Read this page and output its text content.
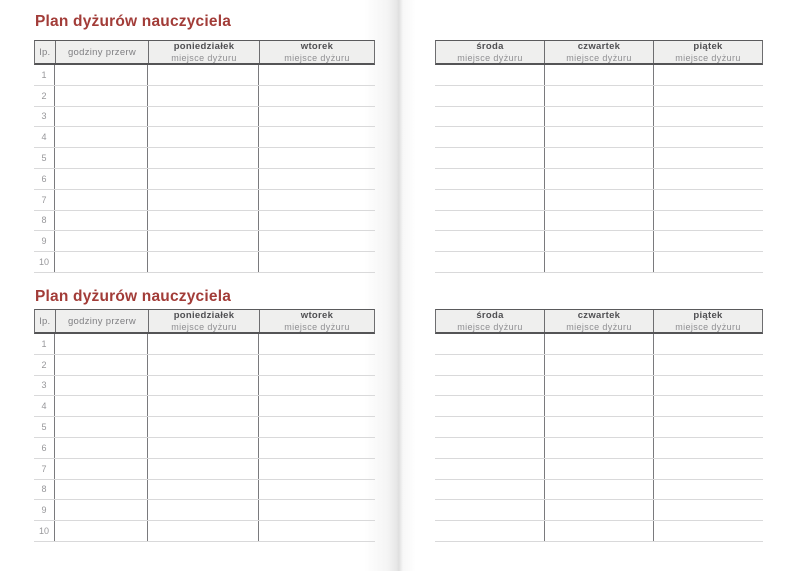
Plan dyżurów nauczyciela
lp.	godziny przerw
poniedziałek
miejsce dyżuru
wtorek
miejsce dyżuru
1
2
3
4
5
6
7
8
9
10
środa
miejsce dyżuru
czwartek
miejsce dyżuru
piątek
miejsce dyżuru
Plan dyżurów nauczyciela
lp.	godziny przerw
poniedziałek
miejsce dyżuru
wtorek
miejsce dyżuru
1
2
3
4
5
6
7
8
9
10
środa
miejsce dyżuru
czwartek
miejsce dyżuru
piątek
miejsce dyżuru
